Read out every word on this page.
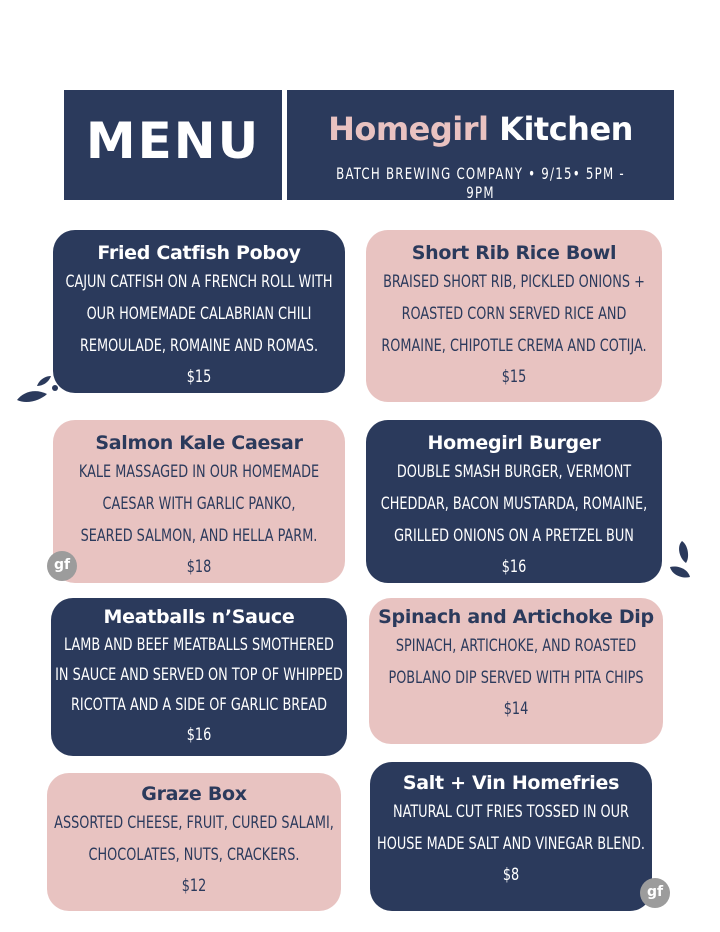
MENU	Homegirl Kitchen
BATCH BREWING COMPANY • 9/15• 5PM - 9PM
Fried Catfish Poboy
CAJUN CATFISH ON A FRENCH ROLL WITH
OUR HOMEMADE CALABRIAN CHILI
REMOULADE, ROMAINE AND ROMAS.
$15
Short Rib Rice Bowl
BRAISED SHORT RIB, PICKLED ONIONS +
ROASTED CORN SERVED RICE AND
ROMAINE, CHIPOTLE CREMA AND COTIJA.
$15
Salmon Kale Caesar
KALE MASSAGED IN OUR HOMEMADE
CAESAR WITH GARLIC PANKO,
SEARED SALMON, AND HELLA PARM.
$18
Homegirl Burger
DOUBLE SMASH BURGER, VERMONT
CHEDDAR, BACON MUSTARDA, ROMAINE,
GRILLED ONIONS ON A PRETZEL BUN
$16
Meatballs n’Sauce
LAMB AND BEEF MEATBALLS SMOTHERED
IN SAUCE AND SERVED ON TOP OF WHIPPED
RICOTTA AND A SIDE OF GARLIC BREAD
$16
Spinach and Artichoke Dip
SPINACH, ARTICHOKE, AND ROASTED
POBLANO DIP SERVED WITH PITA CHIPS
$14
Graze Box
ASSORTED CHEESE, FRUIT, CURED SALAMI,
CHOCOLATES, NUTS, CRACKERS.
$12
Salt + Vin Homefries
NATURAL CUT FRIES TOSSED IN OUR
HOUSE MADE SALT AND VINEGAR BLEND.
$8
gf
gf
